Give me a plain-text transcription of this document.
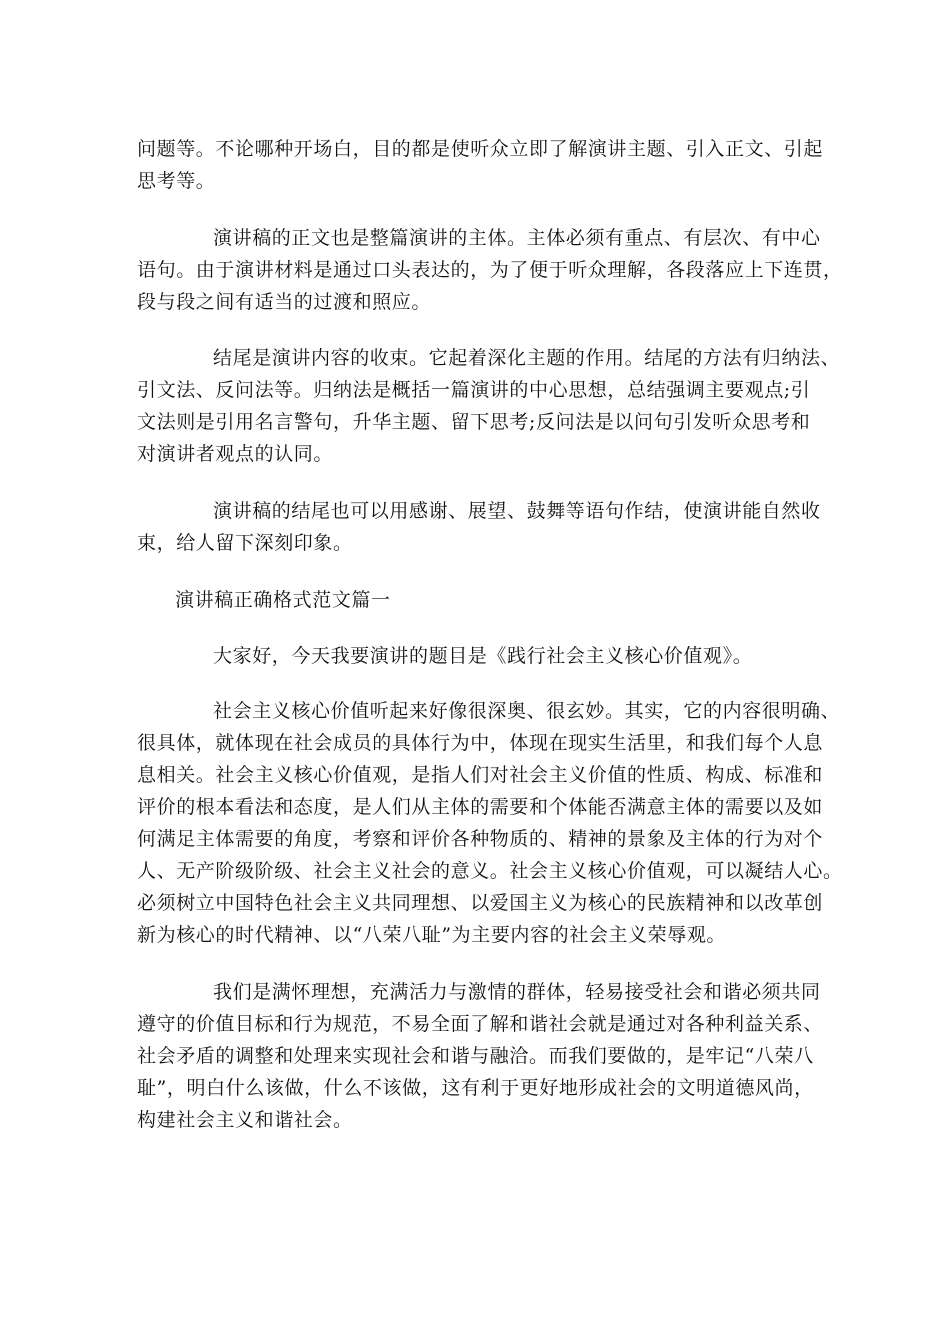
问题等。不论哪种开场白，目的都是使听众立即了解演讲主题、引入正文、引起
思考等。
演讲稿的正文也是整篇演讲的主体。主体必须有重点、有层次、有中心
语句。由于演讲材料是通过口头表达的，为了便于听众理解，各段落应上下连贯，
段与段之间有适当的过渡和照应。
结尾是演讲内容的收束。它起着深化主题的作用。结尾的方法有归纳法、
引文法、反问法等。归纳法是概括一篇演讲的中心思想，总结强调主要观点;引
文法则是引用名言警句，升华主题、留下思考;反问法是以问句引发听众思考和
对演讲者观点的认同。
演讲稿的结尾也可以用感谢、展望、鼓舞等语句作结，使演讲能自然收
束，给人留下深刻印象。
演讲稿正确格式范文篇一
大家好，今天我要演讲的题目是《践行社会主义核心价值观》。
社会主义核心价值听起来好像很深奥、很玄妙。其实，它的内容很明确、
很具体，就体现在社会成员的具体行为中，体现在现实生活里，和我们每个人息
息相关。社会主义核心价值观，是指人们对社会主义价值的性质、构成、标准和
评价的根本看法和态度，是人们从主体的需要和个体能否满意主体的需要以及如
何满足主体需要的角度，考察和评价各种物质的、精神的景象及主体的行为对个
人、无产阶级阶级、社会主义社会的意义。社会主义核心价值观，可以凝结人心。
必须树立中国特色社会主义共同理想、以爱国主义为核心的民族精神和以改革创
新为核心的时代精神、以“八荣八耻”为主要内容的社会主义荣辱观。
我们是满怀理想，充满活力与激情的群体，轻易接受社会和谐必须共同
遵守的价值目标和行为规范，不易全面了解和谐社会就是通过对各种利益关系、
社会矛盾的调整和处理来实现社会和谐与融洽。而我们要做的，是牢记“八荣八
耻”，明白什么该做，什么不该做，这有利于更好地形成社会的文明道德风尚，
构建社会主义和谐社会。
